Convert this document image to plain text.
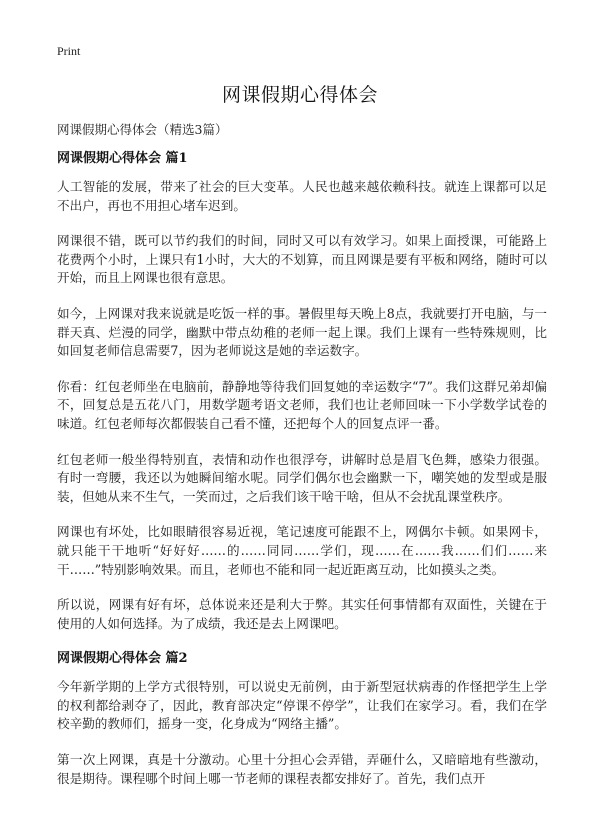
Print
网课假期心得体会
网课假期心得体会（精选3篇）
网课假期心得体会 篇1

人工智能的发展，带来了社会的巨大变革。人民也越来越依赖科技。就连上课都可以足不出户，再也不用担心堵车迟到。

网课很不错，既可以节约我们的时间，同时又可以有效学习。如果上面授课，可能路上花费两个小时，上课只有1小时，大大的不划算，而且网课是要有平板和网络，随时可以开始，而且上网课也很有意思。

如今，上网课对我来说就是吃饭一样的事。暑假里每天晚上8点，我就要打开电脑，与一群天真、烂漫的同学，幽默中带点幼稚的老师一起上课。我们上课有一些特殊规则，比如回复老师信息需要7，因为老师说这是她的幸运数字。

你看：红包老师坐在电脑前，静静地等待我们回复她的幸运数字“7”。我们这群兄弟却偏不，回复总是五花八门，用数学题考语文老师，我们也让老师回味一下小学数学试卷的味道。红包老师每次都假装自己看不懂，还把每个人的回复点评一番。

红包老师一般坐得特别直，表情和动作也很浮夸，讲解时总是眉飞色舞，感染力很强。有时一弯腰，我还以为她瞬间缩水呢。同学们偶尔也会幽默一下，嘲笑她的发型或是服装，但她从来不生气，一笑而过，之后我们该干啥干啥，但从不会扰乱课堂秩序。

网课也有坏处，比如眼睛很容易近视，笔记速度可能跟不上，网偶尔卡顿。如果网卡，就只能干干地听“好好好……的……同同……学们，现……在……我……们们……来干……”特别影响效果。而且，老师也不能和同一起近距离互动，比如摸头之类。

所以说，网课有好有坏，总体说来还是利大于弊。其实任何事情都有双面性，关键在于使用的人如何选择。为了成绩，我还是去上网课吧。

网课假期心得体会 篇2

今年新学期的上学方式很特别，可以说史无前例，由于新型冠状病毒的作怪把学生上学的权利都给剥夺了，因此，教育部决定“停课不停学”，让我们在家学习。看，我们在学校辛勤的教师们，摇身一变，化身成为“网络主播”。

第一次上网课，真是十分激动。心里十分担心会弄错，弄砸什么，又暗暗地有些激动，很是期待。课程哪个时间上哪一节老师的课程表都安排好了。首先，我们点开
